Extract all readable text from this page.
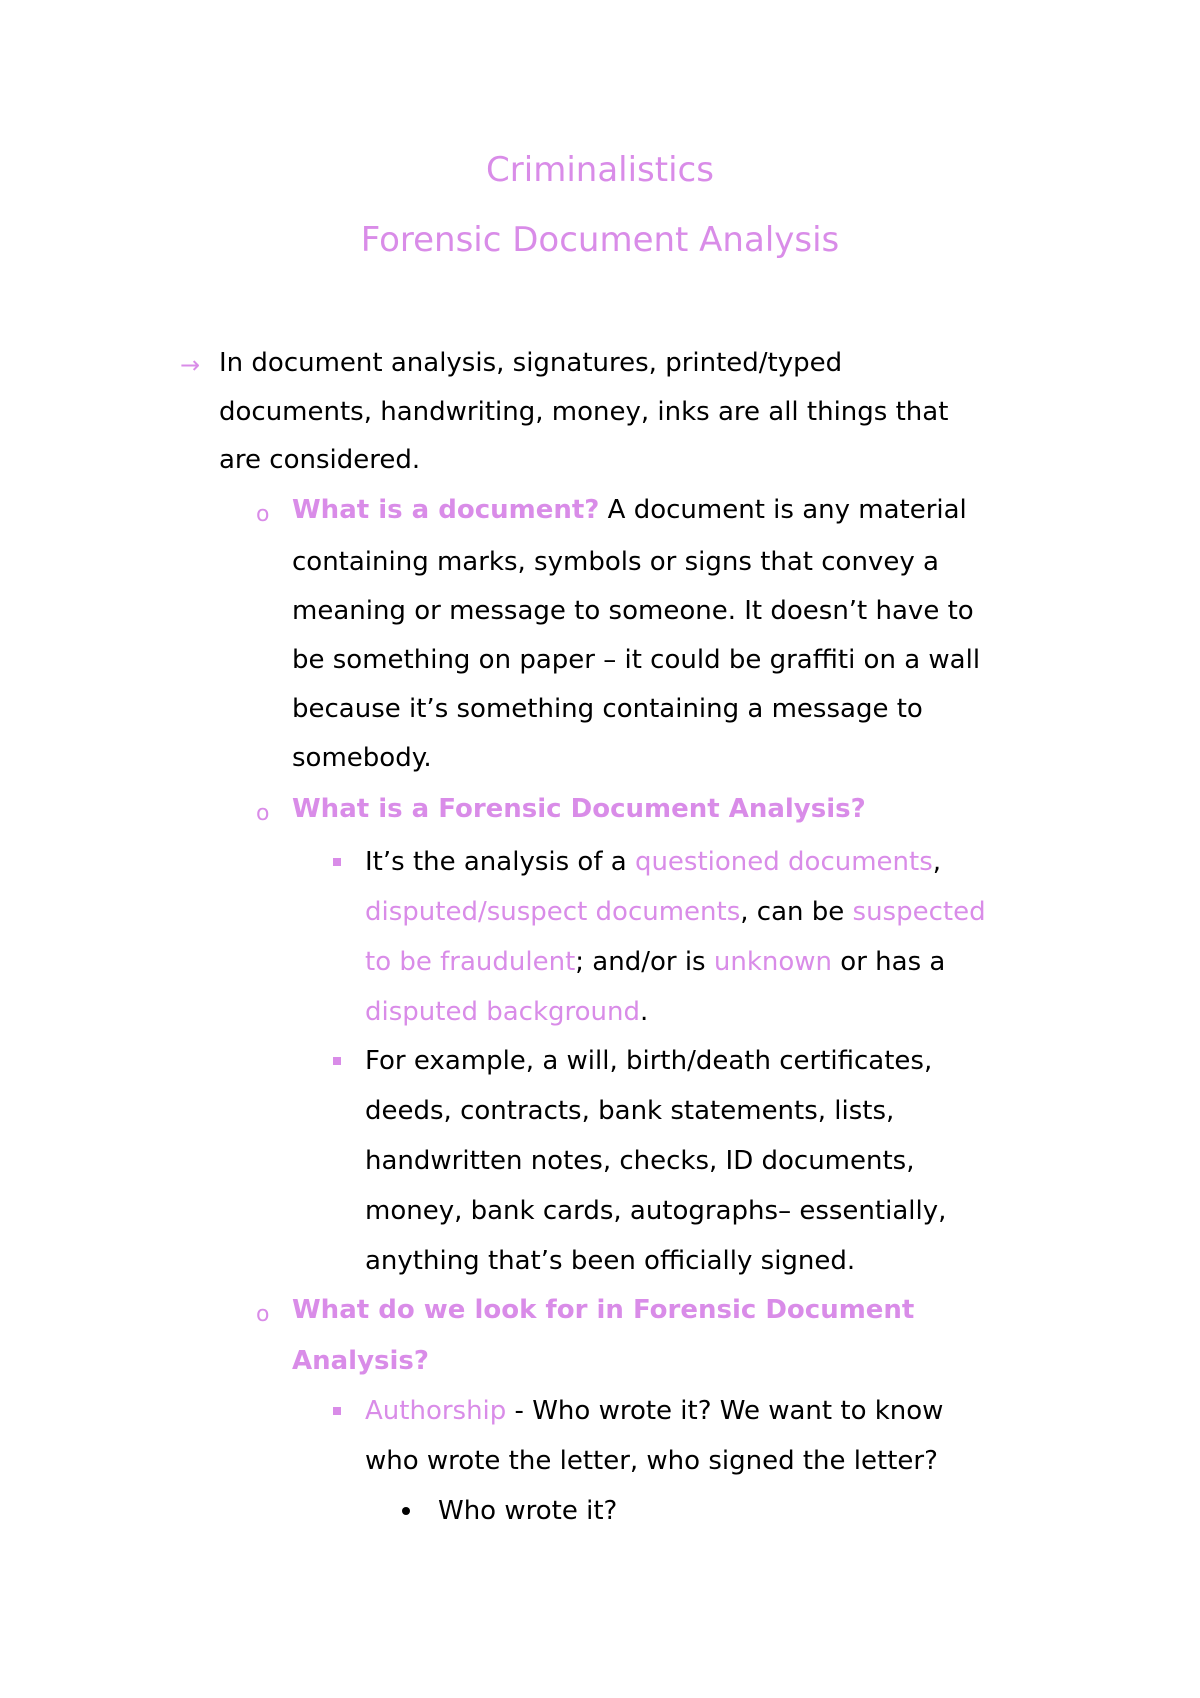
Criminalistics
Forensic Document Analysis
→ In document analysis, signatures, printed/typed
documents, handwriting, money, inks are all things that
are considered.
o What is a document? A document is any material
containing marks, symbols or signs that convey a
meaning or message to someone. It doesn’t have to
be something on paper – it could be graffiti on a wall
because it’s something containing a message to
somebody.
o What is a Forensic Document Analysis?
It’s the analysis of a questioned documents,
disputed/suspect documents, can be suspected
to be fraudulent; and/or is unknown or has a
disputed background.
For example, a will, birth/death certificates,
deeds, contracts, bank statements, lists,
handwritten notes, checks, ID documents,
money, bank cards, autographs– essentially,
anything that’s been officially signed.
o What do we look for in Forensic Document
Analysis?
Authorship - Who wrote it? We want to know
who wrote the letter, who signed the letter?
Who wrote it?
